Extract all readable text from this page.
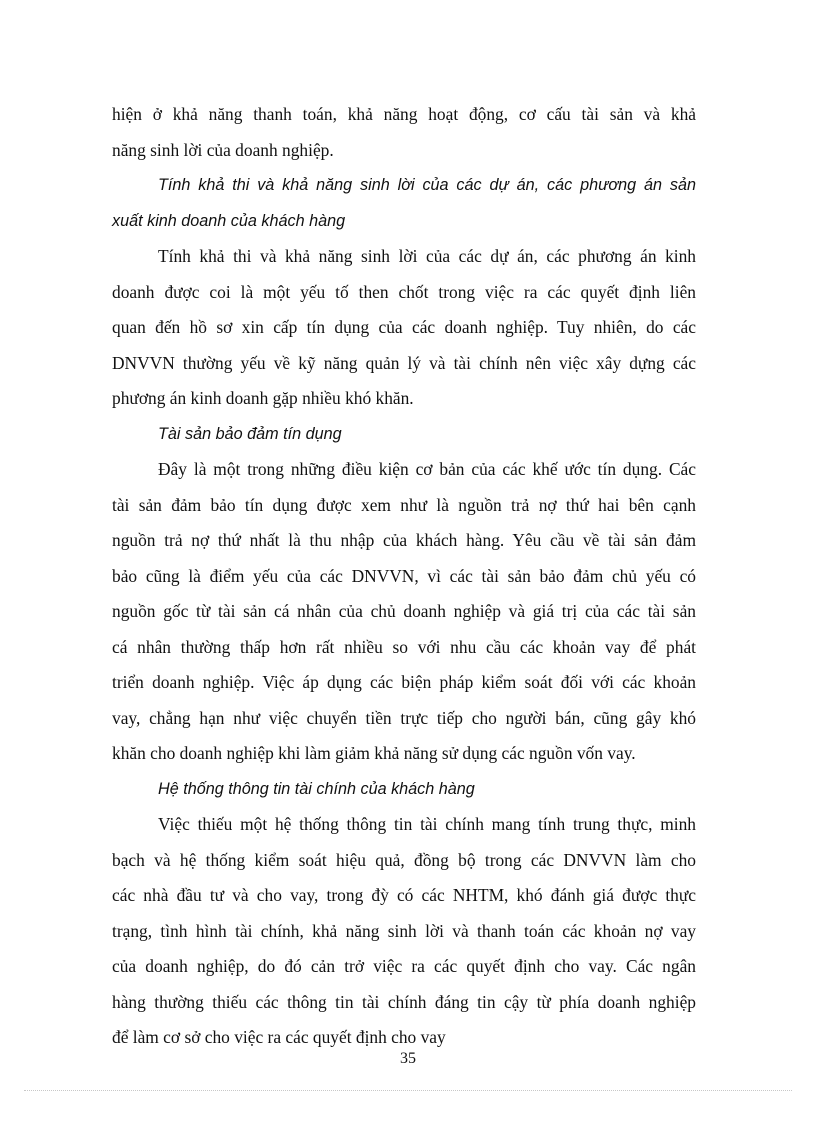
hiện ở khả năng thanh toán, khả năng hoạt động, cơ cấu tài sản và khả
năng sinh lời của doanh nghiệp.
Tính khả thi và khả năng sinh lời của các dự án, các phương án sản
xuất kinh doanh của khách hàng
Tính khả thi và khả năng sinh lời của các dự án, các phương án kinh
doanh được coi là một yếu tố then chốt trong việc ra các quyết định liên
quan đến hồ sơ xin cấp tín dụng của các doanh nghiệp. Tuy nhiên, do các
DNVVN thường yếu về kỹ năng quản lý và tài chính nên việc xây dựng các
phương án kinh doanh gặp nhiều khó khăn.
Tài sản bảo đảm tín dụng
Đây là một trong những điều kiện cơ bản của các khế ước tín dụng. Các
tài sản đảm bảo tín dụng được xem như là nguồn trả nợ thứ hai bên cạnh
nguồn trả nợ thứ nhất là thu nhập của khách hàng. Yêu cầu về tài sản đảm
bảo cũng là điểm yếu của các DNVVN, vì các tài sản bảo đảm chủ yếu có
nguồn gốc từ tài sản cá nhân của chủ doanh nghiệp và giá trị của các tài sản
cá nhân thường thấp hơn rất nhiều so với nhu cầu các khoản vay để phát
triển doanh nghiệp. Việc áp dụng các biện pháp kiểm soát đối với các khoản
vay, chẳng hạn như việc chuyển tiền trực tiếp cho người bán, cũng gây khó
khăn cho doanh nghiệp khi làm giảm khả năng sử dụng các nguồn vốn vay.
Hệ thống thông tin tài chính của khách hàng
Việc thiếu một hệ thống thông tin tài chính mang tính trung thực, minh
bạch và hệ thống kiểm soát hiệu quả, đồng bộ trong các DNVVN làm cho
các nhà đầu tư và cho vay, trong đỳ có các NHTM, khó đánh giá được thực
trạng, tình hình tài chính, khả năng sinh lời và thanh toán các khoản nợ vay
của doanh nghiệp, do đó cản trở việc ra các quyết định cho vay. Các ngân
hàng thường thiếu các thông tin tài chính đáng tin cậy từ phía doanh nghiệp
để làm cơ sở cho việc ra các quyết định cho vay
35
